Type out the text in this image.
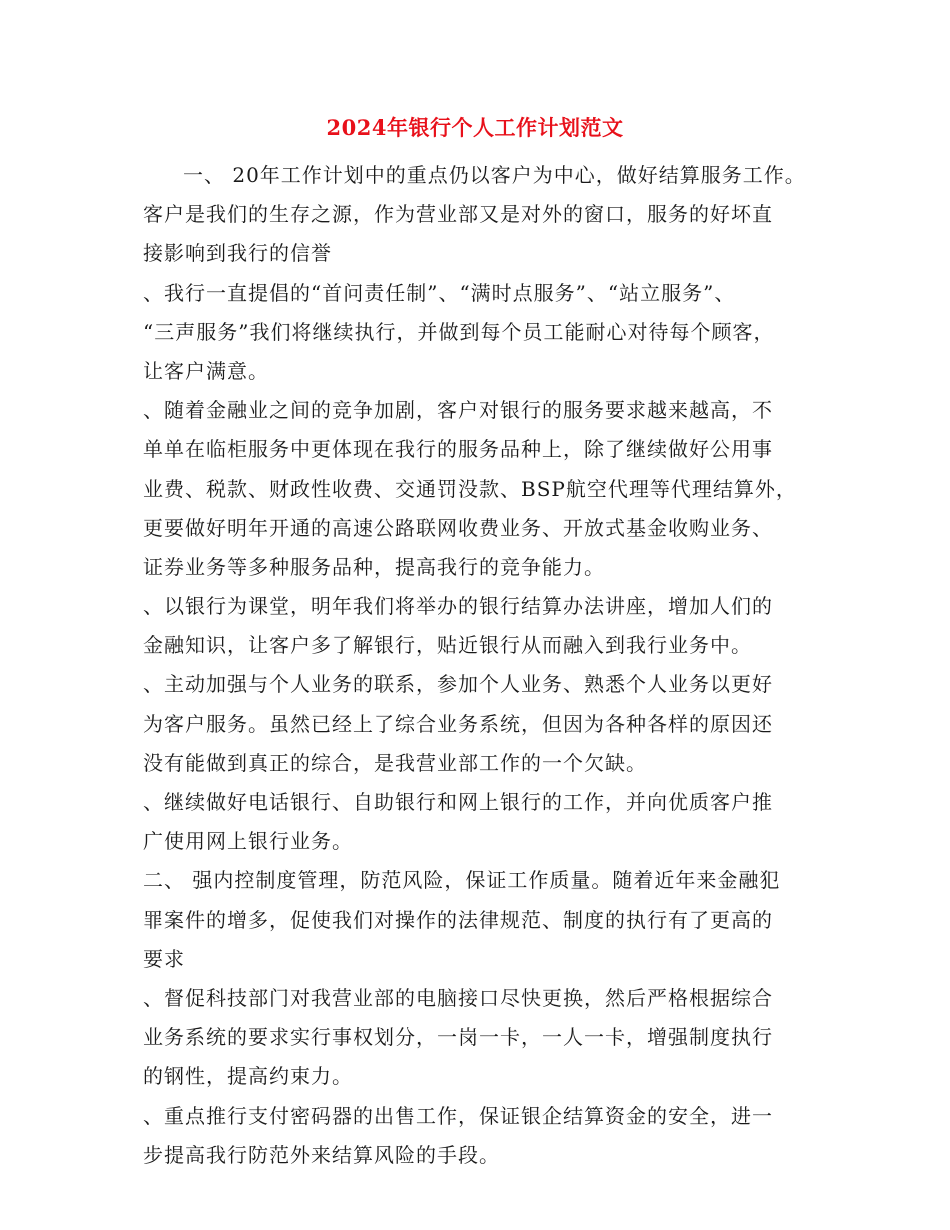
2024年银行个人工作计划范文
一、 20年工作计划中的重点仍以客户为中心，做好结算服务工作。
客户是我们的生存之源，作为营业部又是对外的窗口，服务的好坏直
接影响到我行的信誉
、我行一直提倡的“首问责任制”、“满时点服务”、“站立服务”、
“三声服务”我们将继续执行，并做到每个员工能耐心对待每个顾客，
让客户满意。
、随着金融业之间的竞争加剧，客户对银行的服务要求越来越高，不
单单在临柜服务中更体现在我行的服务品种上，除了继续做好公用事
业费、税款、财政性收费、交通罚没款、BSP航空代理等代理结算外，
更要做好明年开通的高速公路联网收费业务、开放式基金收购业务、
证券业务等多种服务品种，提高我行的竞争能力。
、以银行为课堂，明年我们将举办的银行结算办法讲座，增加人们的
金融知识，让客户多了解银行，贴近银行从而融入到我行业务中。
、主动加强与个人业务的联系，参加个人业务、熟悉个人业务以更好
为客户服务。虽然已经上了综合业务系统，但因为各种各样的原因还
没有能做到真正的综合，是我营业部工作的一个欠缺。
、继续做好电话银行、自助银行和网上银行的工作，并向优质客户推
广使用网上银行业务。
二、 强内控制度管理，防范风险，保证工作质量。随着近年来金融犯
罪案件的增多，促使我们对操作的法律规范、制度的执行有了更高的
要求
、督促科技部门对我营业部的电脑接口尽快更换，然后严格根据综合
业务系统的要求实行事权划分，一岗一卡，一人一卡，增强制度执行
的钢性，提高约束力。
、重点推行支付密码器的出售工作，保证银企结算资金的安全，进一
步提高我行防范外来结算风险的手段。
